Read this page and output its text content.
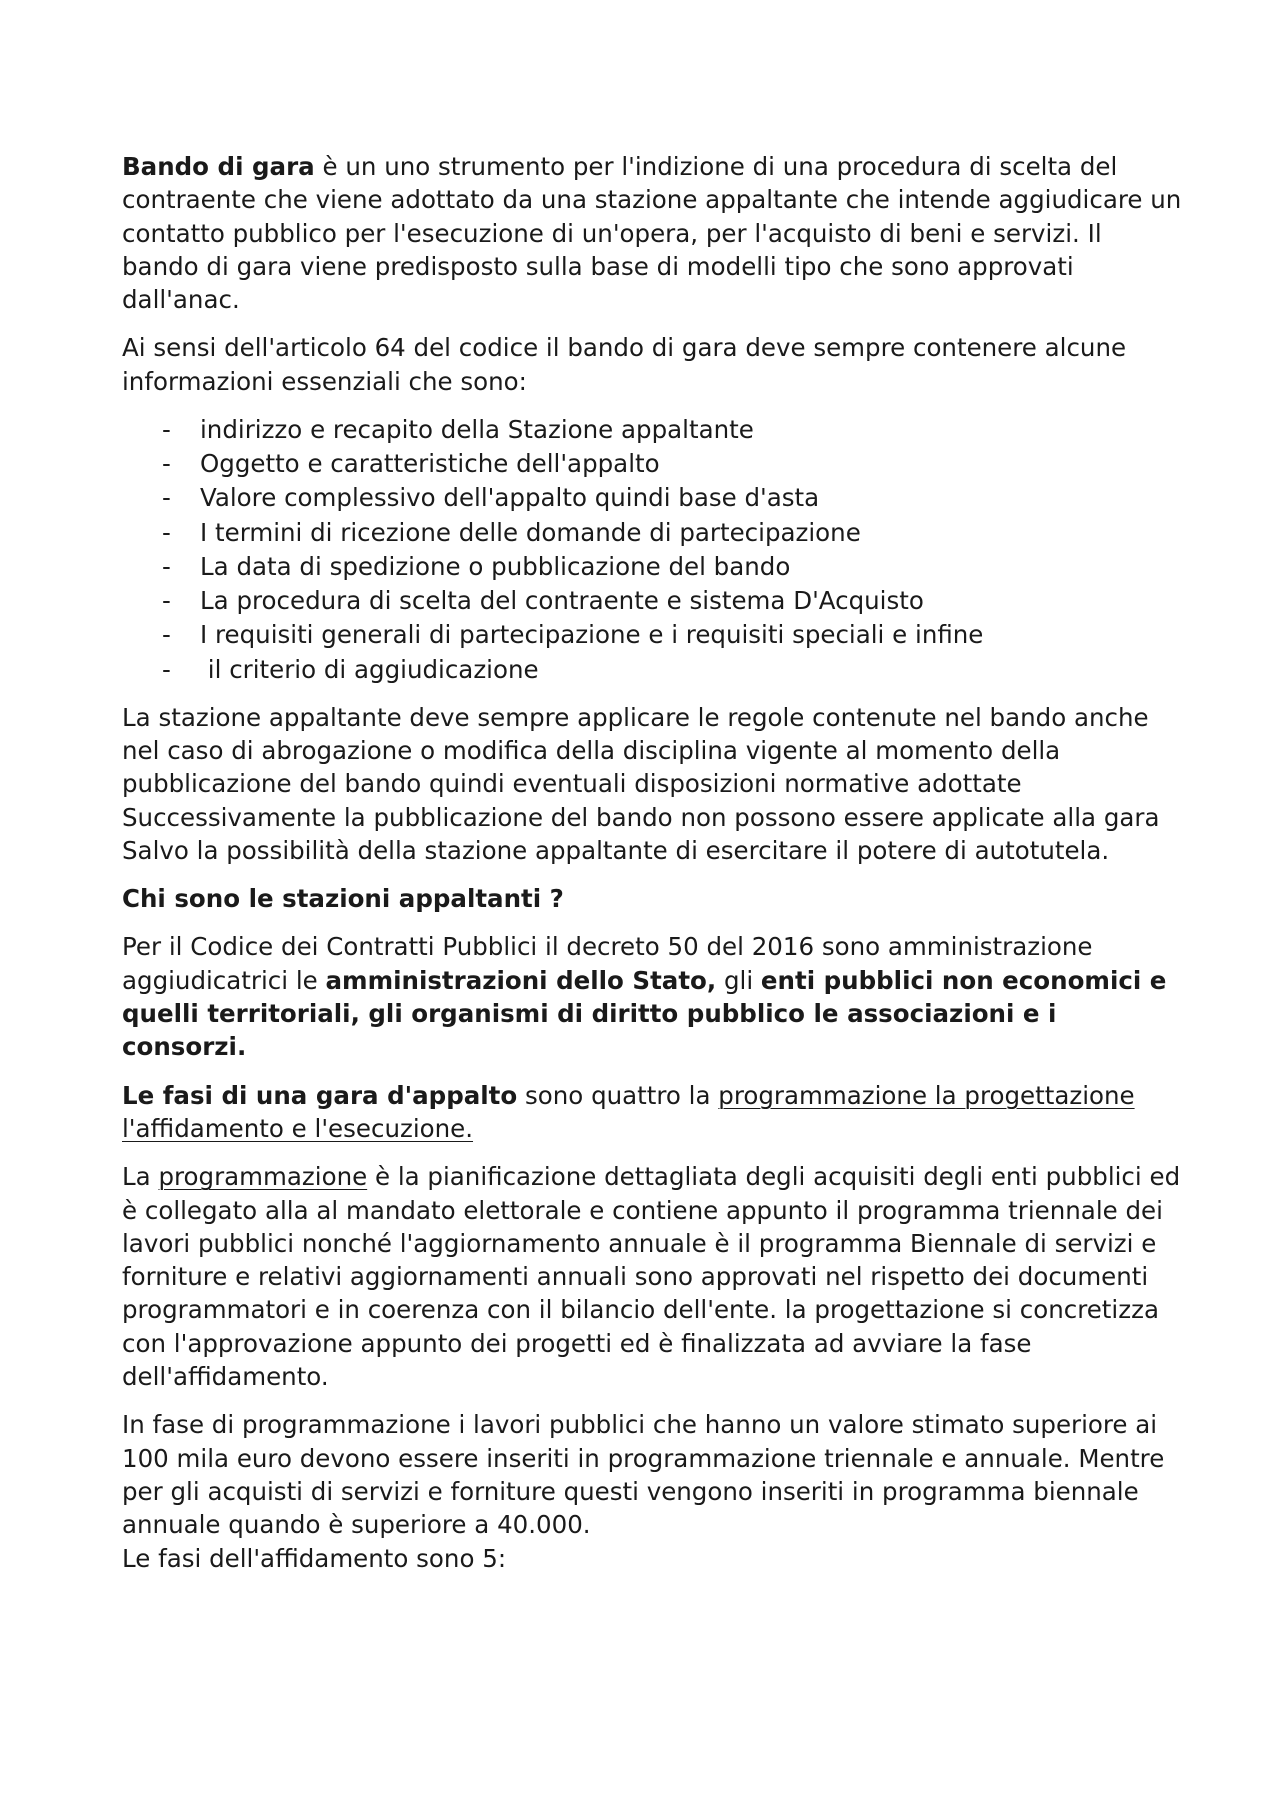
Bando di gara è un uno strumento per l'indizione di una procedura di scelta del contraente che viene adottato da una stazione appaltante che intende aggiudicare un contatto pubblico per l'esecuzione di un'opera, per l'acquisto di beni e servizi. Il bando di gara viene predisposto sulla base di modelli tipo che sono approvati dall'anac.

Ai sensi dell'articolo 64 del codice il bando di gara deve sempre contenere alcune informazioni essenziali che sono:

- indirizzo e recapito della Stazione appaltante
- Oggetto e caratteristiche dell'appalto
- Valore complessivo dell'appalto quindi base d'asta
- I termini di ricezione delle domande di partecipazione
- La data di spedizione o pubblicazione del bando
- La procedura di scelta del contraente e sistema D'Acquisto
- I requisiti generali di partecipazione e i requisiti speciali e infine
- il criterio di aggiudicazione

La stazione appaltante deve sempre applicare le regole contenute nel bando anche nel caso di abrogazione o modifica della disciplina vigente al momento della pubblicazione del bando quindi eventuali disposizioni normative adottate Successivamente la pubblicazione del bando non possono essere applicate alla gara Salvo la possibilità della stazione appaltante di esercitare il potere di autotutela.

Chi sono le stazioni appaltanti ?

Per il Codice dei Contratti Pubblici il decreto 50 del 2016 sono amministrazione aggiudicatrici le amministrazioni dello Stato, gli enti pubblici non economici e quelli territoriali, gli organismi di diritto pubblico le associazioni e i consorzi.

Le fasi di una gara d'appalto sono quattro la programmazione la progettazione l'affidamento e l'esecuzione.

La programmazione è la pianificazione dettagliata degli acquisiti degli enti pubblici ed è collegato alla al mandato elettorale e contiene appunto il programma triennale dei lavori pubblici nonché l'aggiornamento annuale è il programma Biennale di servizi e forniture e relativi aggiornamenti annuali sono approvati nel rispetto dei documenti programmatori e in coerenza con il bilancio dell'ente. la progettazione si concretizza con l'approvazione appunto dei progetti ed è finalizzata ad avviare la fase dell'affidamento.

In fase di programmazione i lavori pubblici che hanno un valore stimato superiore ai 100 mila euro devono essere inseriti in programmazione triennale e annuale. Mentre per gli acquisti di servizi e forniture questi vengono inseriti in programma biennale annuale quando è superiore a 40.000.

Le fasi dell'affidamento sono 5:
